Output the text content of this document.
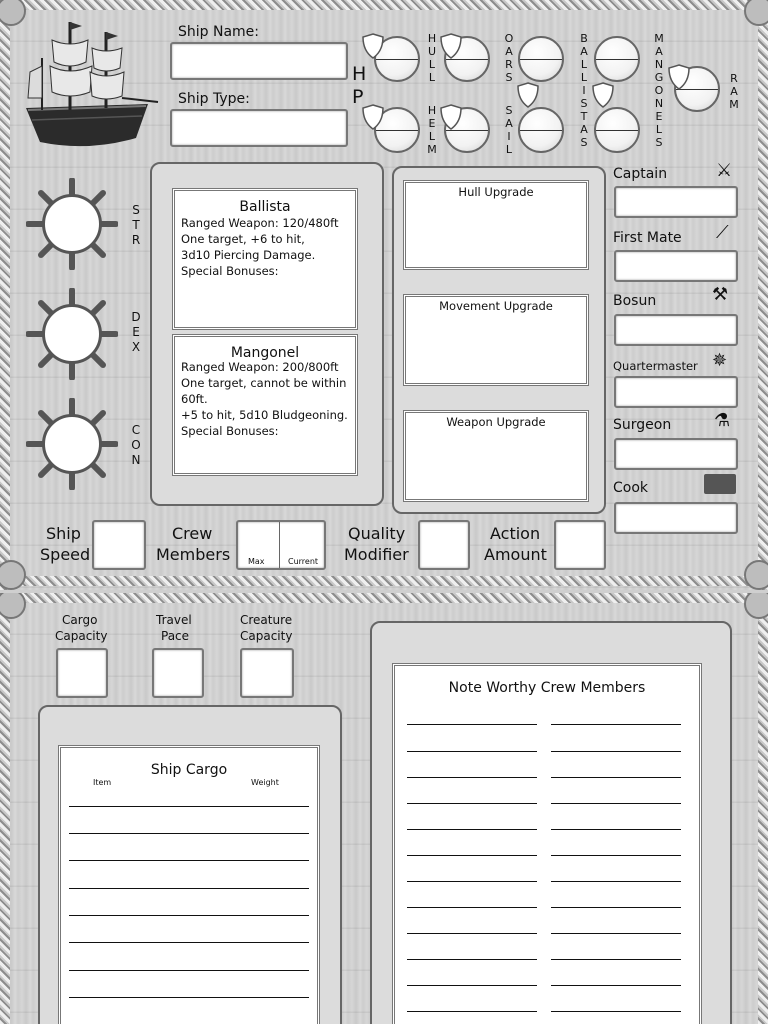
Ship Name:
Ship Type:
H
P
H
U
L
L
O
A
R
S
B
A
L
L
I
S
T
A
S
M
A
N
G
O
N
E
L
S
R
A
M
H
E
L
M
S
A
I
L
S
T
R
D
E
X
C
O
N
Ballista
Ranged Weapon: 120/480ft
One target, +6 to hit,
3d10 Piercing Damage.
Special Bonuses:
Mangonel
Ranged Weapon: 200/800ft
One target, cannot be within
60ft.
+5 to hit, 5d10 Bludgeoning.
Special Bonuses:
Hull Upgrade
Movement Upgrade
Weapon Upgrade
Captain	⚔
First Mate ⟋
Bosun	⚒
Quartermaster ✵
Surgeon ⚗
Cook
Ship
Speed
Crew
Members Max	Current
Quality
Modifier
Action
Amount
Cargo
Capacity
Travel
Pace
Creature
Capacity
Ship Cargo
Item	Weight
Note Worthy Crew Members
